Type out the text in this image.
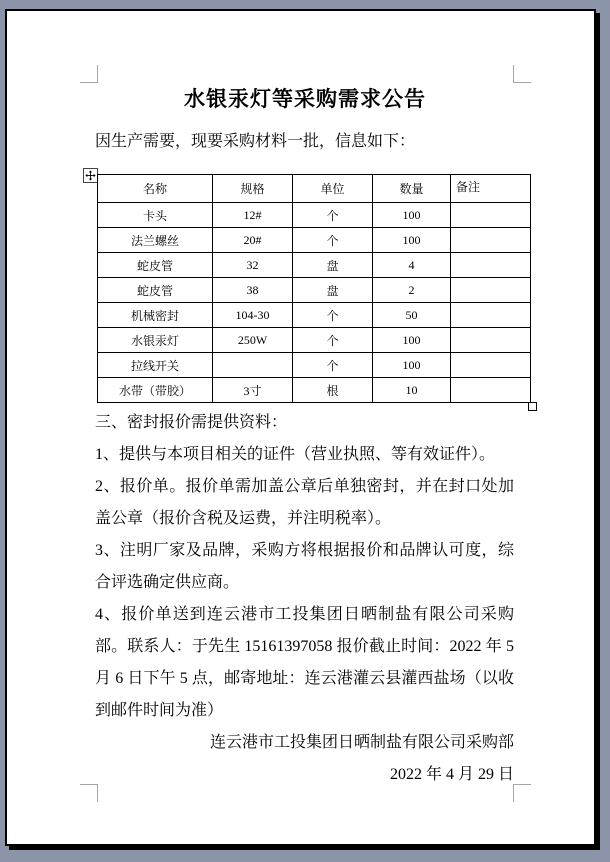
水银汞灯等采购需求公告
因生产需要，现要采购材料一批，信息如下：
名称	规格	单位	数量	备注
卡头	12#	个	100	
法兰螺丝	20#	个	100	
蛇皮管	32	盘	4	
蛇皮管	38	盘	2	
机械密封	104-30	个	50	
水银汞灯	250W	个	100	
拉线开关		个	100	
水带（带胶）	3寸	根	10	

三、密封报价需提供资料：

1、提供与本项目相关的证件（营业执照、等有效证件）。

2、报价单。报价单需加盖公章后单独密封，并在封口处加盖公章（报价含税及运费，并注明税率）。

3、注明厂家及品牌，采购方将根据报价和品牌认可度，综合评选确定供应商。

4、报价单送到连云港市工投集团日晒制盐有限公司采购部。联系人：于先生 15161397058 报价截止时间：2022 年 5 月 6 日下午 5 点，邮寄地址：连云港灌云县灌西盐场（以收到邮件时间为准）

连云港市工投集团日晒制盐有限公司采购部

2022 年 4 月 29 日
